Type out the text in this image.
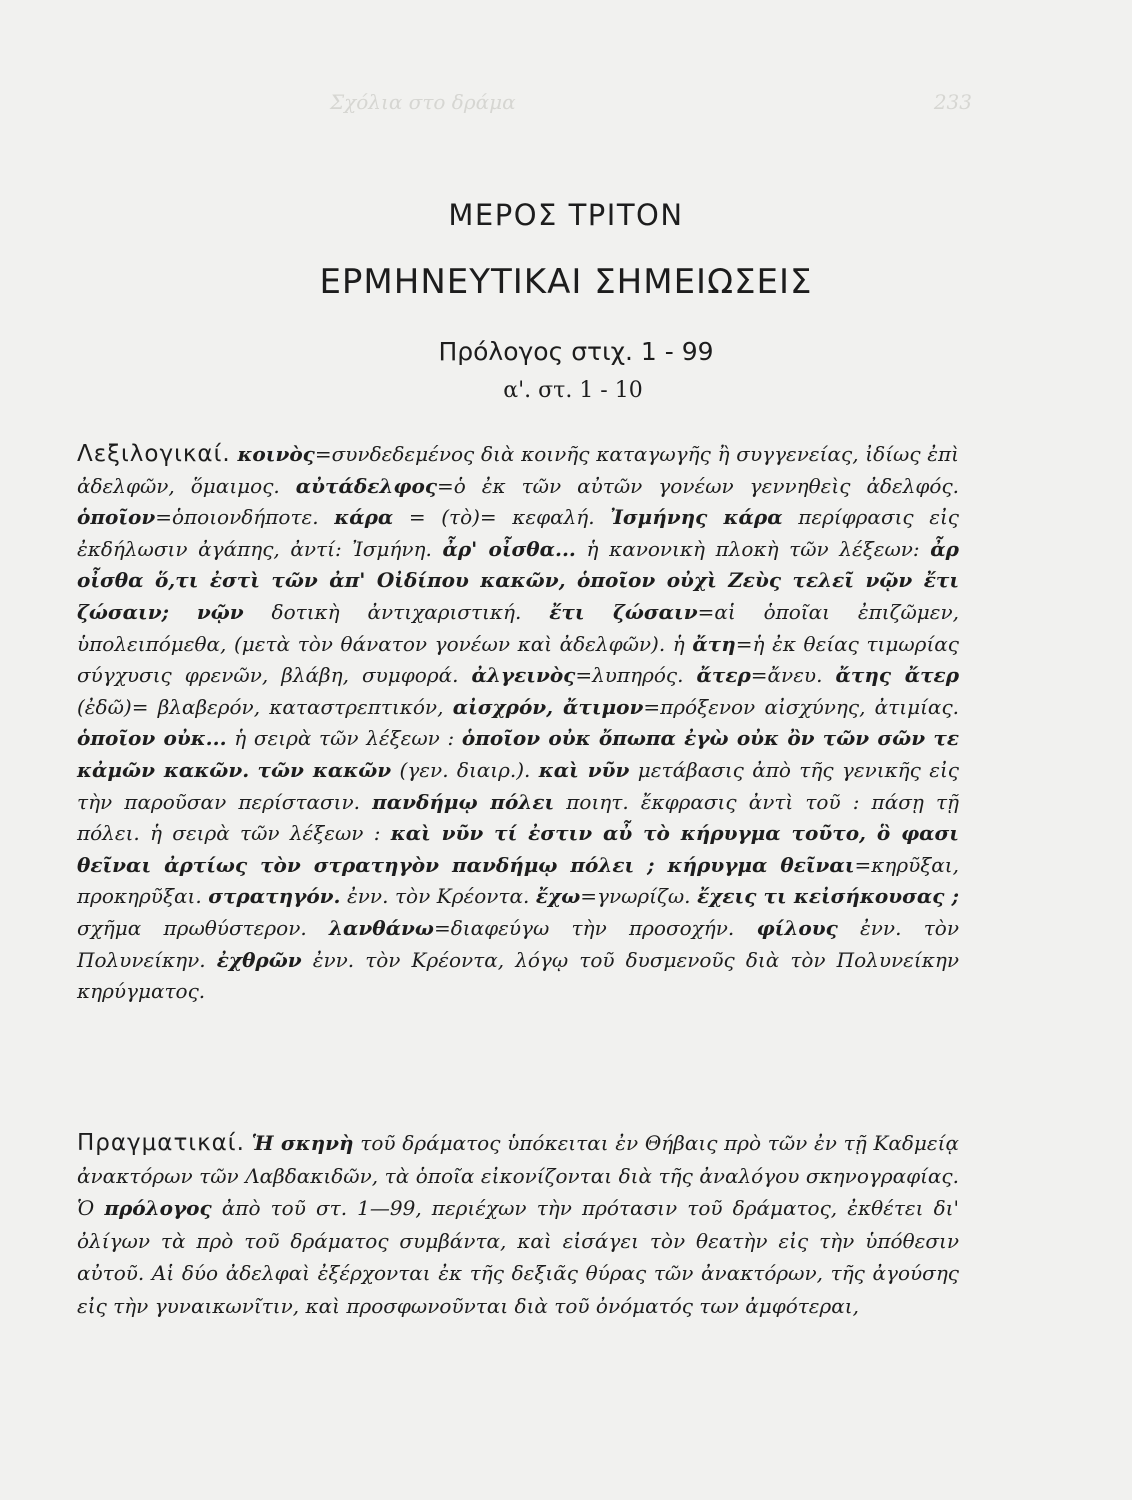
Σχόλια στο δράμα	233
ΜΕΡΟΣ ΤΡΙΤΟΝ
ΕΡΜΗΝΕΥΤΙΚΑΙ ΣΗΜΕΙΩΣΕΙΣ
Πρόλογος στιχ. 1 - 99
α'. στ. 1 - 10
Λεξιλογικαί. κοινὸς=συνδεδεμένος διὰ κοινῆς καταγωγῆς ἢ συγγενείας, ἰδίως ἐπὶ ἀδελφῶν, ὅμαιμος. αὐτάδελφος=ὁ ἐκ τῶν αὐτῶν γονέων γεννηθεὶς ἀδελφός. ὁποῖον=ὁποιονδήποτε. κάρα = (τὸ)= κεφαλή. Ἰσμήνης κάρα περίφρασις εἰς ἐκδήλωσιν ἀγάπης, ἀντί: Ἰσμήνη. ἆρ' οἶσθα... ἡ κανονικὴ πλοκὴ τῶν λέξεων: ἆρ οἶσθα ὅ,τι ἐστὶ τῶν ἀπ' Οἰδίπου κακῶν, ὁποῖον οὐχὶ Ζεὺς τελεῖ νῷν ἔτι ζώσαιν; νῷν δοτικὴ ἀντιχαριστική. ἔτι ζώσαιν=αἱ ὁποῖαι ἐπιζῶμεν, ὑπολειπόμεθα, (μετὰ τὸν θάνατον γονέων καὶ ἀδελφῶν). ἡ ἄτη=ἡ ἐκ θείας τιμωρίας σύγχυσις φρενῶν, βλάβη, συμφορά. ἀλγεινὸς=λυπηρός. ἄτερ=ἄνευ. ἄτης ἄτερ (ἐδῶ)= βλαβερόν, καταστρεπτικόν, αἰσχρόν, ἄτιμον=πρόξενον αἰσχύνης, ἀτιμίας. ὁποῖον οὐκ... ἡ σειρὰ τῶν λέξεων : ὁποῖον οὐκ ὄπωπα ἐγὼ οὐκ ὂν τῶν σῶν τε κἀμῶν κακῶν. τῶν κακῶν (γεν. διαιρ.). καὶ νῦν μετάβασις ἀπὸ τῆς γενικῆς εἰς τὴν παροῦσαν περίστασιν. πανδήμῳ πόλει ποιητ. ἔκφρασις ἀντὶ τοῦ : πάσῃ τῇ πόλει. ἡ σειρὰ τῶν λέξεων : καὶ νῦν τί ἐστιν αὖ τὸ κήρυγμα τοῦτο, ὃ φασι θεῖναι ἀρτίως τὸν στρατηγὸν πανδήμῳ πόλει ; κήρυγμα θεῖναι=κηρῦξαι, προκηρῦξαι. στρατηγόν. ἐνν. τὸν Κρέοντα. ἔχω=γνωρίζω. ἔχεις τι κεἰσήκουσας ; σχῆμα πρωθύστερον. λανθάνω=διαφεύγω τὴν προσοχήν. φίλους ἐνν. τὸν Πολυνείκην. ἐχθρῶν ἐνν. τὸν Κρέοντα, λόγῳ τοῦ δυσμενοῦς διὰ τὸν Πολυνείκην κηρύγματος.
Πραγματικαί. Ἡ σκηνὴ τοῦ δράματος ὑπόκειται ἐν Θήβαις πρὸ τῶν ἐν τῇ Καδμείᾳ ἀνακτόρων τῶν Λαβδακιδῶν, τὰ ὁποῖα εἰκονίζονται διὰ τῆς ἀναλόγου σκηνογραφίας. Ὁ πρόλογος ἀπὸ τοῦ στ. 1—99, περιέχων τὴν πρότασιν τοῦ δράματος, ἐκθέτει δι' ὀλίγων τὰ πρὸ τοῦ δράματος συμβάντα, καὶ εἰσάγει τὸν θεατὴν εἰς τὴν ὑπόθεσιν αὐτοῦ. Αἱ δύο ἀδελφαὶ ἐξέρχονται ἐκ τῆς δεξιᾶς θύρας τῶν ἀνακτόρων, τῆς ἀγούσης εἰς τὴν γυναικωνῖτιν, καὶ προσφωνοῦνται διὰ τοῦ ὀνόματός των ἀμφότεραι,
